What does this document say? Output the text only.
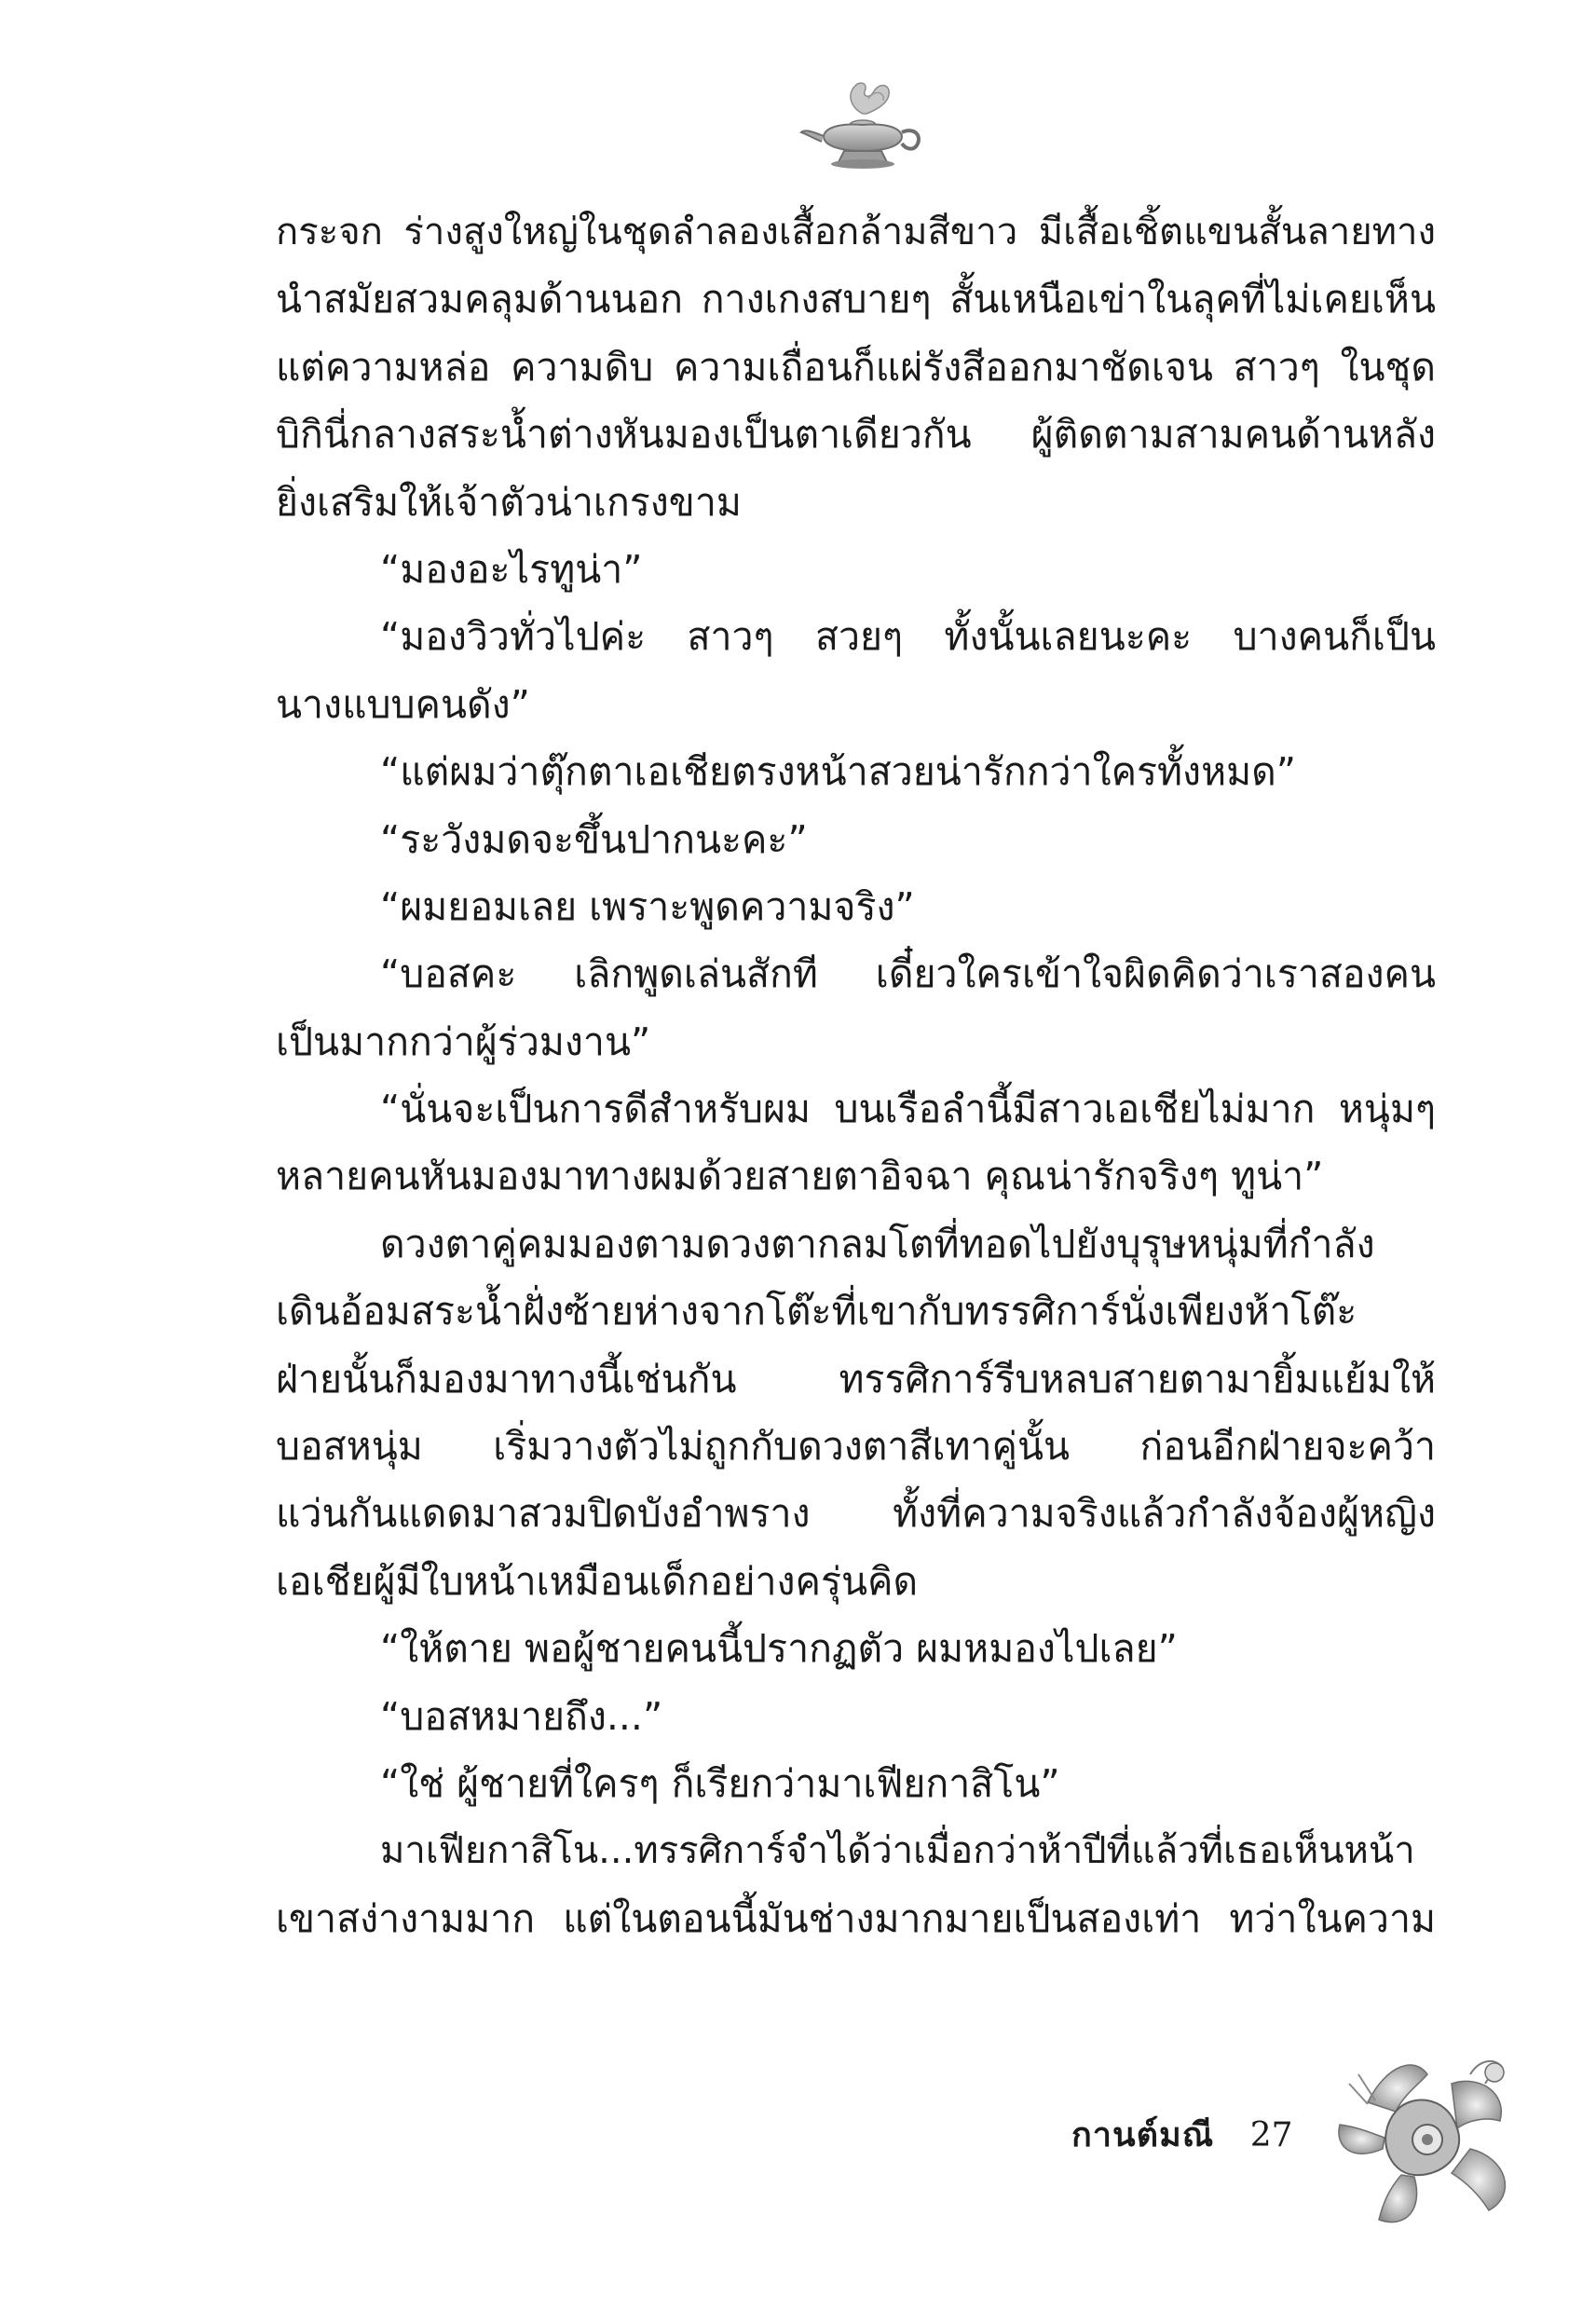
กระจก ร่างสูงใหญ่ในชุดลำลองเสื้อกล้ามสีขาว มีเสื้อเชิ้ตแขนสั้นลายทาง
นำสมัยสวมคลุมด้านนอก กางเกงสบายๆ สั้นเหนือเข่าในลุคที่ไม่เคยเห็น
แต่ความหล่อ ความดิบ ความเถื่อนก็แผ่รังสีออกมาชัดเจน สาวๆ ในชุด
บิกินี่กลางสระน้ำต่างหันมองเป็นตาเดียวกัน ผู้ติดตามสามคนด้านหลัง
ยิ่งเสริมให้เจ้าตัวน่าเกรงขาม
“มองอะไรทูน่า”
“มองวิวทั่วไปค่ะ สาวๆ สวยๆ ทั้งนั้นเลยนะคะ บางคนก็เป็น
นางแบบคนดัง”
“แต่ผมว่าตุ๊กตาเอเชียตรงหน้าสวยน่ารักกว่าใครทั้งหมด”
“ระวังมดจะขึ้นปากนะคะ”
“ผมยอมเลย เพราะพูดความจริง”
“บอสคะ เลิกพูดเล่นสักที เดี๋ยวใครเข้าใจผิดคิดว่าเราสองคน
เป็นมากกว่าผู้ร่วมงาน”
“นั่นจะเป็นการดีสำหรับผม บนเรือลำนี้มีสาวเอเชียไม่มาก หนุ่มๆ
หลายคนหันมองมาทางผมด้วยสายตาอิจฉา คุณน่ารักจริงๆ ทูน่า”
ดวงตาคู่คมมองตามดวงตากลมโตที่ทอดไปยังบุรุษหนุ่มที่กำลัง
เดินอ้อมสระน้ำฝั่งซ้ายห่างจากโต๊ะที่เขากับทรรศิการ์นั่งเพียงห้าโต๊ะ
ฝ่ายนั้นก็มองมาทางนี้เช่นกัน ทรรศิการ์รีบหลบสายตามายิ้มแย้มให้
บอสหนุ่ม เริ่มวางตัวไม่ถูกกับดวงตาสีเทาคู่นั้น ก่อนอีกฝ่ายจะคว้า
แว่นกันแดดมาสวมปิดบังอำพราง ทั้งที่ความจริงแล้วกำลังจ้องผู้หญิง
เอเชียผู้มีใบหน้าเหมือนเด็กอย่างครุ่นคิด
“ให้ตาย พอผู้ชายคนนี้ปรากฏตัว ผมหมองไปเลย”
“บอสหมายถึง...”
“ใช่ ผู้ชายที่ใครๆ ก็เรียกว่ามาเฟียกาสิโน”
มาเฟียกาสิโน...ทรรศิการ์จำได้ว่าเมื่อกว่าห้าปีที่แล้วที่เธอเห็นหน้า
เขาสง่างามมาก แต่ในตอนนี้มันช่างมากมายเป็นสองเท่า ทว่าในความ
กานต์มณี 27
